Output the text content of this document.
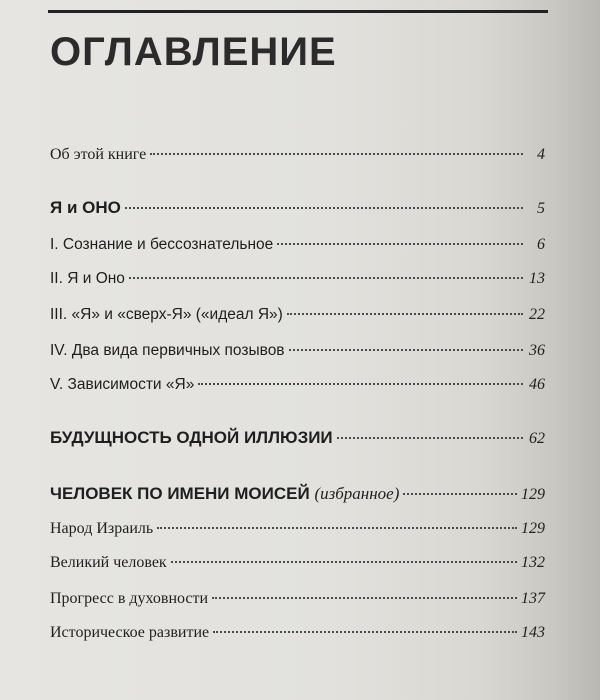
ОГЛАВЛЕНИЕ
Об этой книге	4
Я и ОНО	5
I. Сознание и бессознательное	6
II. Я и Оно	13
III. «Я» и «сверх-Я» («идеал Я»)	22
IV. Два вида первичных позывов	36
V. Зависимости «Я»	46
БУДУЩНОСТЬ ОДНОЙ ИЛЛЮЗИИ	62
ЧЕЛОВЕК ПО ИМЕНИ МОИСЕЙ (избранное)	129
Народ Израиль	129
Великий человек	132
Прогресс в духовности	137
Историческое развитие	143
